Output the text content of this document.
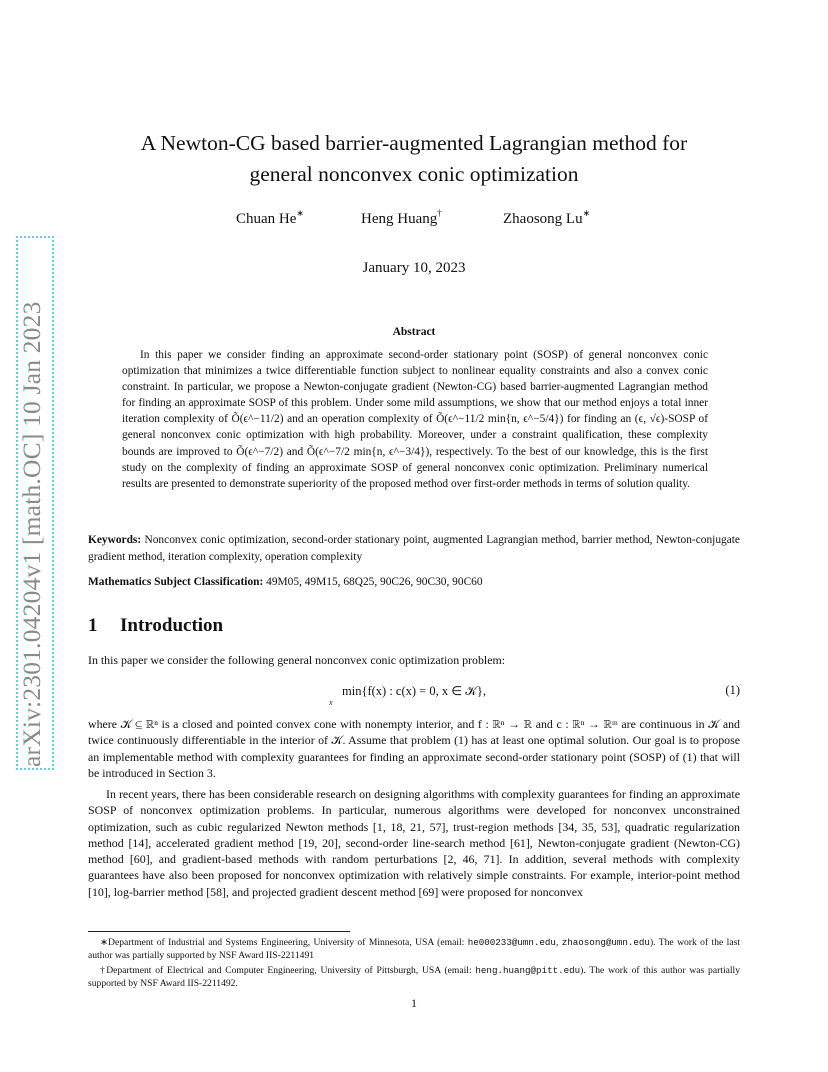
arXiv:2301.04204v1 [math.OC] 10 Jan 2023
A Newton-CG based barrier-augmented Lagrangian method for
general nonconvex conic optimization
Chuan He∗	Heng Huang†	Zhaosong Lu∗
January 10, 2023
Abstract

In this paper we consider finding an approximate second-order stationary point (SOSP) of general nonconvex conic optimization that minimizes a twice differentiable function subject to nonlinear equality constraints and also a convex conic constraint. In particular, we propose a Newton-conjugate gradient (Newton-CG) based barrier-augmented Lagrangian method for finding an approximate SOSP of this problem. Under some mild assumptions, we show that our method enjoys a total inner iteration complexity of Õ(ϵ^−11/2) and an operation complexity of Õ(ϵ^−11/2 min{n, ϵ^−5/4}) for finding an (ϵ, √ϵ)-SOSP of general nonconvex conic optimization with high probability. Moreover, under a constraint qualification, these complexity bounds are improved to Õ(ϵ^−7/2) and Õ(ϵ^−7/2 min{n, ϵ^−3/4}), respectively. To the best of our knowledge, this is the first study on the complexity of finding an approximate SOSP of general nonconvex conic optimization. Preliminary numerical results are presented to demonstrate superiority of the proposed method over first-order methods in terms of solution quality.

Keywords: Nonconvex conic optimization, second-order stationary point, augmented Lagrangian method, barrier method, Newton-conjugate gradient method, iteration complexity, operation complexity

Mathematics Subject Classification: 49M05, 49M15, 68Q25, 90C26, 90C30, 90C60

1 Introduction

In this paper we consider the following general nonconvex conic optimization problem:

min{f(x) : c(x) = 0, x ∈ 𝒦},
x
(1)

where 𝒦 ⊆ ℝⁿ is a closed and pointed convex cone with nonempty interior, and f : ℝⁿ → ℝ and c : ℝⁿ → ℝᵐ are continuous in 𝒦 and twice continuously differentiable in the interior of 𝒦. Assume that problem (1) has at least one optimal solution. Our goal is to propose an implementable method with complexity guarantees for finding an approximate second-order stationary point (SOSP) of (1) that will be introduced in Section 3.

In recent years, there has been considerable research on designing algorithms with complexity guarantees for finding an approximate SOSP of nonconvex optimization problems. In particular, numerous algorithms were developed for nonconvex unconstrained optimization, such as cubic regularized Newton methods [1, 18, 21, 57], trust-region methods [34, 35, 53], quadratic regularization method [14], accelerated gradient method [19, 20], second-order line-search method [61], Newton-conjugate gradient (Newton-CG) method [60], and gradient-based methods with random perturbations [2, 46, 71]. In addition, several methods with complexity guarantees have also been proposed for nonconvex optimization with relatively simple constraints. For example, interior-point method [10], log-barrier method [58], and projected gradient descent method [69] were proposed for nonconvex

∗Department of Industrial and Systems Engineering, University of Minnesota, USA (email: he000233@umn.edu, zhaosong@umn.edu). The work of the last author was partially supported by NSF Award IIS-2211491

†Department of Electrical and Computer Engineering, University of Pittsburgh, USA (email: heng.huang@pitt.edu). The work of this author was partially supported by NSF Award IIS-2211492.

1
